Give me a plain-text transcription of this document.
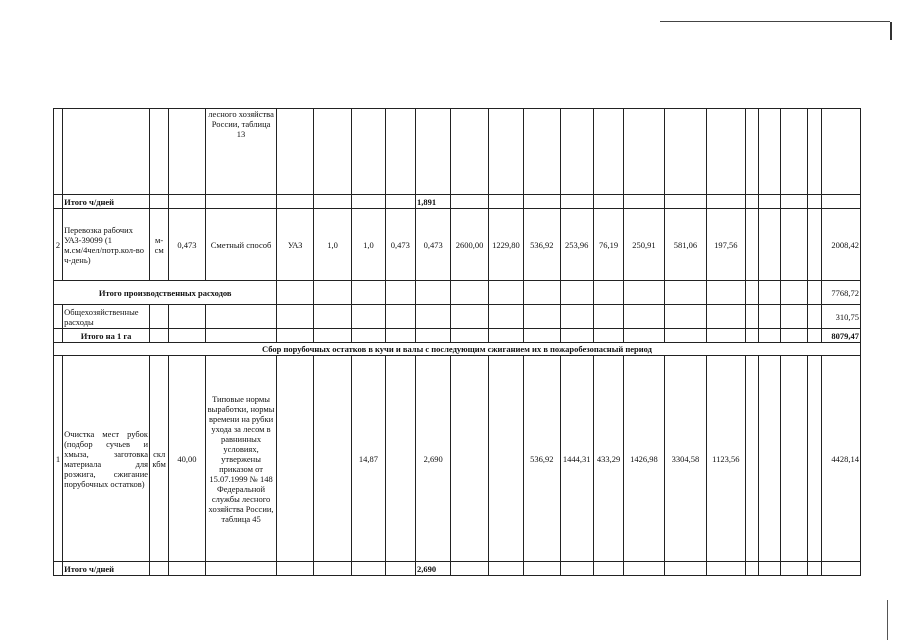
				лесного хозяйства России, таблица 13																		
	Итого ч/дней								1,891													
2	Перевозка рабочих УАЗ-39099 (1 м.см/4чел/потр.кол-во ч-день)	м-см	0,473	Сметный способ	УАЗ	1,0	1,0	0,473	0,473	2600,00	1229,80	536,92	253,96	76,19	250,91	581,06	197,56					2008,42
Итого производственных расходов																						7768,72
	Общехозяйственные расходы																					310,75
	Итого на 1 га																					8079,47
Сбор порубочных остатков в кучи и валы с последующим сжиганием их в пожаробезопасный период																						
1	Очистка мест рубок (подбор сучьев и хмыза, заготовка материала для розжига, сжигание порубочных остатков)	скл кбм	40,00	Типовые нормы выработки, нормы времени на рубки ухода за лесом в равнинных условиях, утвержены приказом от 15.07.1999 № 148 Федеральной службы лесного хозяйства России, таблица 45			14,87		2,690			536,92	1444,31	433,29	1426,98	3304,58	1123,56					4428,14
	Итого ч/дней								2,690													
